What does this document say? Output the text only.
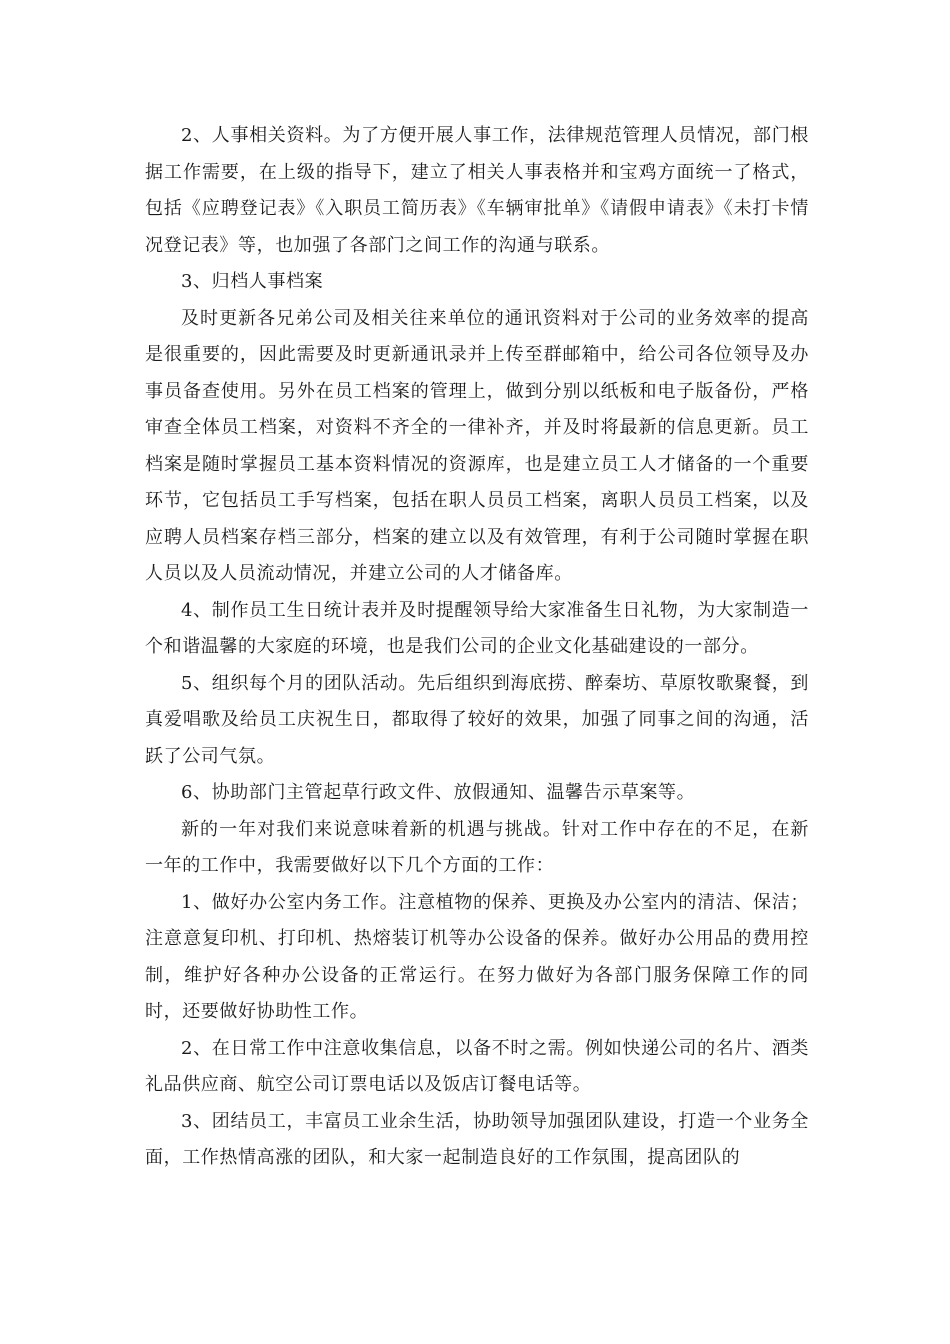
2、人事相关资料。为了方便开展人事工作，法律规范管理人员情况，部门根据工作需要，在上级的指导下，建立了相关人事表格并和宝鸡方面统一了格式，包括《应聘登记表》《入职员工简历表》《车辆审批单》《请假申请表》《未打卡情况登记表》等，也加强了各部门之间工作的沟通与联系。

3、归档人事档案

及时更新各兄弟公司及相关往来单位的通讯资料对于公司的业务效率的提高是很重要的，因此需要及时更新通讯录并上传至群邮箱中，给公司各位领导及办事员备查使用。另外在员工档案的管理上，做到分别以纸板和电子版备份，严格审查全体员工档案，对资料不齐全的一律补齐，并及时将最新的信息更新。员工档案是随时掌握员工基本资料情况的资源库，也是建立员工人才储备的一个重要环节，它包括员工手写档案，包括在职人员员工档案，离职人员员工档案，以及应聘人员档案存档三部分，档案的建立以及有效管理，有利于公司随时掌握在职人员以及人员流动情况，并建立公司的人才储备库。

4、制作员工生日统计表并及时提醒领导给大家准备生日礼物，为大家制造一个和谐温馨的大家庭的环境，也是我们公司的企业文化基础建设的一部分。

5、组织每个月的团队活动。先后组织到海底捞、醉秦坊、草原牧歌聚餐，到真爱唱歌及给员工庆祝生日，都取得了较好的效果，加强了同事之间的沟通，活跃了公司气氛。

6、协助部门主管起草行政文件、放假通知、温馨告示草案等。

新的一年对我们来说意味着新的机遇与挑战。针对工作中存在的不足，在新一年的工作中，我需要做好以下几个方面的工作：

1、做好办公室内务工作。注意植物的保养、更换及办公室内的清洁、保洁；注意意复印机、打印机、热熔装订机等办公设备的保养。做好办公用品的费用控制，维护好各种办公设备的正常运行。在努力做好为各部门服务保障工作的同时，还要做好协助性工作。

2、在日常工作中注意收集信息，以备不时之需。例如快递公司的名片、酒类礼品供应商、航空公司订票电话以及饭店订餐电话等。

3、团结员工，丰富员工业余生活，协助领导加强团队建设，打造一个业务全面，工作热情高涨的团队，和大家一起制造良好的工作氛围，提高团队的
